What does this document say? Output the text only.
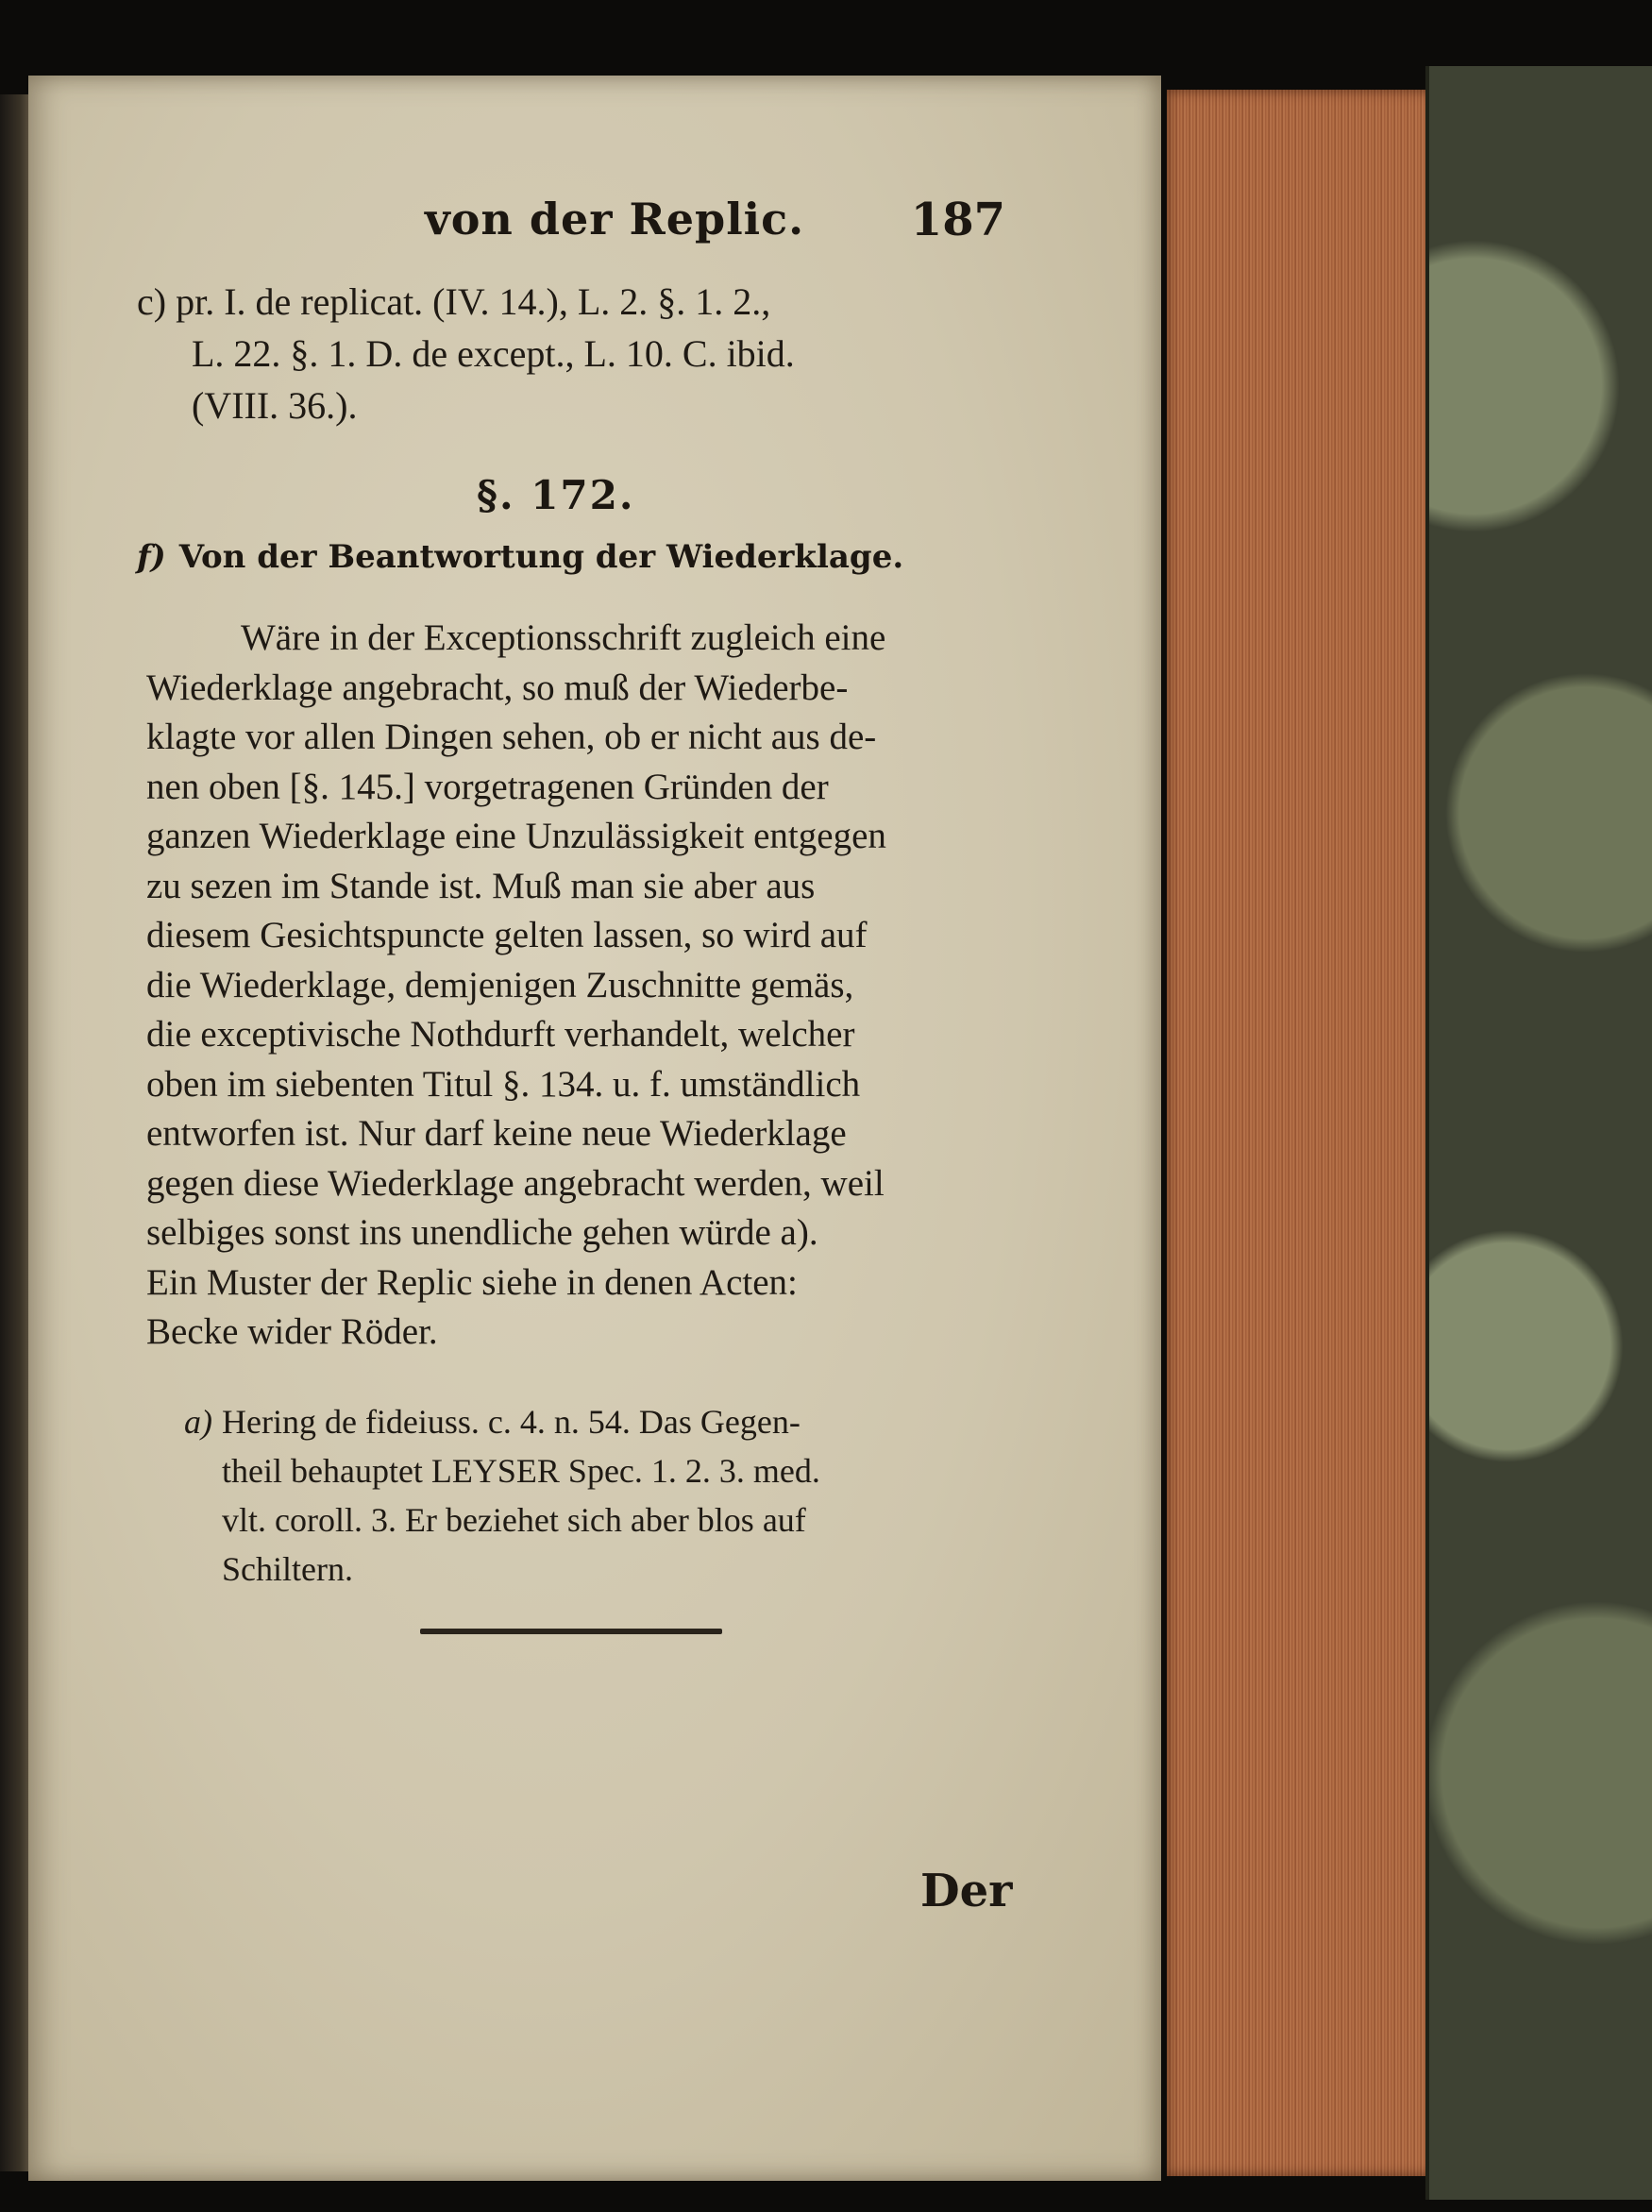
von der Replic. 187
c) pr. I. de replicat. (IV. 14.), L. 2. §. 1. 2.,
L. 22. §. 1. D. de except., L. 10. C. ibid.
(VIII. 36.).
§. 172.
f) Von der Beantwortung der Wiederklage.
Wäre in der Exceptionsschrift zugleich eine
Wiederklage angebracht, so muß der Wiederbe-
klagte vor allen Dingen sehen, ob er nicht aus de-
nen oben [§. 145.] vorgetragenen Gründen der
ganzen Wiederklage eine Unzulässigkeit entgegen
zu sezen im Stande ist. Muß man sie aber aus
diesem Gesichtspuncte gelten lassen, so wird auf
die Wiederklage, demjenigen Zuschnitte gemäs,
die exceptivische Nothdurft verhandelt, welcher
oben im siebenten Titul §. 134. u. f. umständlich
entworfen ist. Nur darf keine neue Wiederklage
gegen diese Wiederklage angebracht werden, weil
selbiges sonst ins unendliche gehen würde a).
Ein Muster der Replic siehe in denen Acten:
Becke wider Röder.
a) Hering de fideiuss. c. 4. n. 54. Das Gegen-
theil behauptet LEYSER Spec. 1. 2. 3. med.
vlt. coroll. 3. Er beziehet sich aber blos auf
Schiltern.
Der
